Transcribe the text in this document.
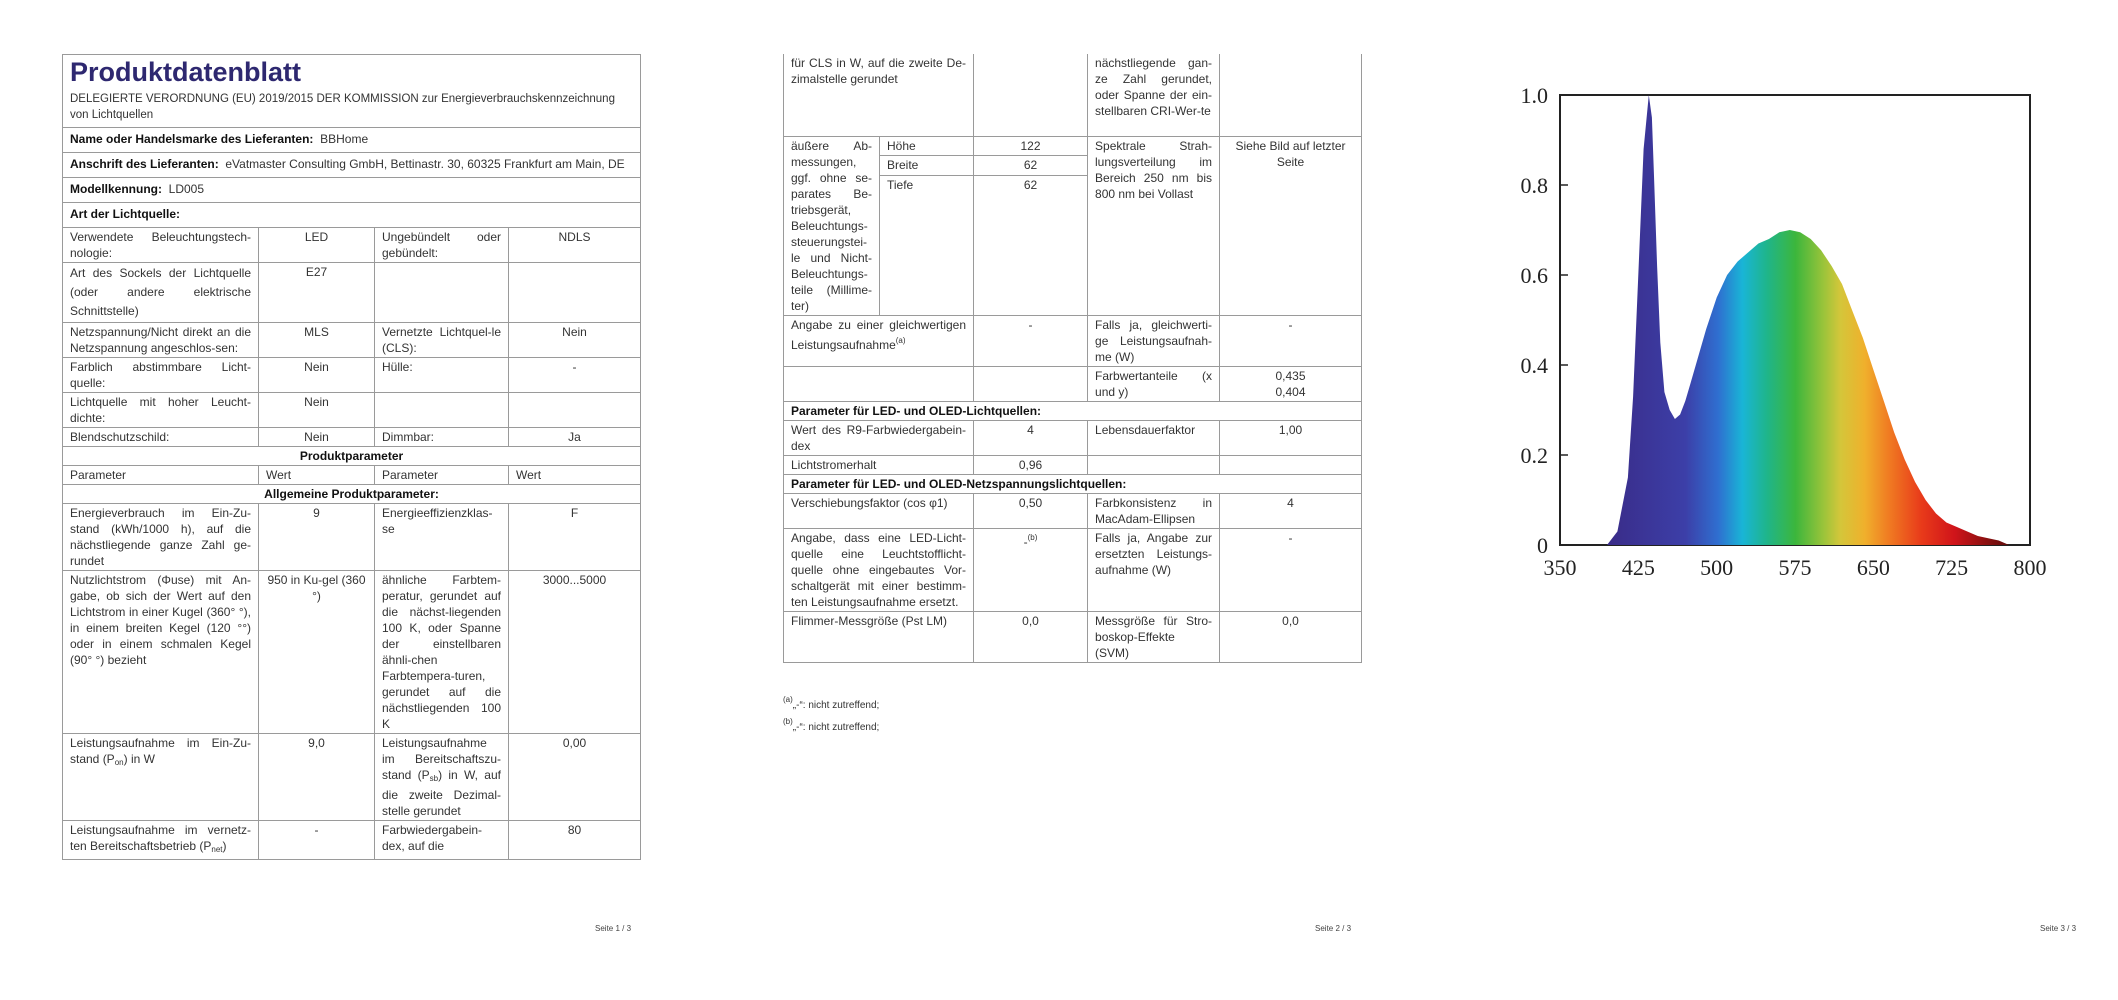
Produktdatenblatt
DELEGIERTE VERORDNUNG (EU) 2019/2015 DER KOMMISSION zur Energieverbrauchskennzeichnung von Lichtquellen			

Name oder Handelsmarke des Lieferanten: BBHome			
Anschrift des Lieferanten: eVatmaster Consulting GmbH, Bettinastr. 30, 60325 Frankfurt am Main, DE			
Modellkennung: LD005			
Art der Lichtquelle:			
Verwendete Beleuchtungstech-nologie:	LED	Ungebündelt oder gebündelt:	NDLS
Art des Sockels der Lichtquelle (oder andere elektrische Schnittstelle)	E27		
Netzspannung/Nicht direkt an die Netzspannung angeschlos-sen:	MLS	Vernetzte Lichtquel-le (CLS):	Nein
Farblich abstimmbare Licht-quelle:	Nein	Hülle:	-
Lichtquelle mit hoher Leucht-dichte:	Nein		
Blendschutzschild:	Nein	Dimmbar:	Ja
Produktparameter			
Parameter	Wert	Parameter	Wert
Allgemeine Produktparameter:			
Energieverbrauch im Ein-Zu-stand (kWh/1000 h), auf die nächstliegende ganze Zahl ge-rundet	9	Energieeffizienzklas-se	F
Nutzlichtstrom (Φuse) mit An-gabe, ob sich der Wert auf den Lichtstrom in einer Kugel (360° °), in einem breiten Kegel (120 °°) oder in einem schmalen Kegel (90° °) bezieht	950 in Ku-gel (360 °)	ähnliche Farbtem-peratur, gerundet auf die nächst-liegenden 100 K, oder Spanne der einstellbaren ähnli-chen Farbtempera-turen, gerundet auf die nächstliegenden 100 K	3000...5000
Leistungsaufnahme im Ein-Zu-stand $(P_{on})$ in W	9,0	Leistungsaufnahme im Bereitschaftszu-stand $(P_{sb})$ in W, auf die zweite Dezimal-stelle gerundet	0,00
Leistungsaufnahme im vernetz-ten Bereitschaftsbetrieb $(P_{net})$	-	Farbwiedergabein-dex, auf die	80
Seite 1 / 3
für CLS in W, auf die zweite De-zimalstelle gerundet			nächstliegende gan-ze Zahl gerundet, oder Spanne der ein-stellbaren CRI-Wer-te	
äußere Ab-messungen, ggf. ohne se-parates Be-triebsgerät, Beleuchtungs-steuerungstei-le und Nicht-Beleuchtungs-teile (Millime-ter)	Höhe	122	Spektrale Strah-lungsverteilung im Bereich 250 nm bis 800 nm bei Vollast	Siehe Bild auf letzter Seite
	Breite	62		
	Tiefe	62		
Angabe zu einer gleichwertigen Leistungsaufnahme$^{(a)}$		-	Falls ja, gleichwerti-ge Leistungsaufnah-me (W)	-
			Farbwertanteile (x und y)	0,435 0,404
Parameter für LED- und OLED-Lichtquellen:				
Wert des R9-Farbwiedergabein-dex		4	Lebensdauerfaktor	1,00
Lichtstromerhalt		0,96		
Parameter für LED- und OLED-Netzspannungslichtquellen:				
Verschiebungsfaktor (cos φ1)		0,50	Farbkonsistenz in MacAdam-Ellipsen	4
Angabe, dass eine LED-Licht-quelle eine Leuchtstofflicht-quelle ohne eingebautes Vor-schaltgerät mit einer bestimm-ten Leistungsaufnahme ersetzt.		-$^{(b)}$	Falls ja, Angabe zur ersetzten Leistungs-aufnahme (W)	-
Flimmer-Messgröße (Pst LM)		0,0	Messgröße für Stro-boskop-Effekte (SVM)	0,0
$^{(a)}$„-“: nicht zutreffend;
$^{(b)}$„-“: nicht zutreffend;
Seite 2 / 3
350 425 500 575 650 725 800
0
0.2
0.4
0.6
0.8
1.0
Seite 3 / 3
